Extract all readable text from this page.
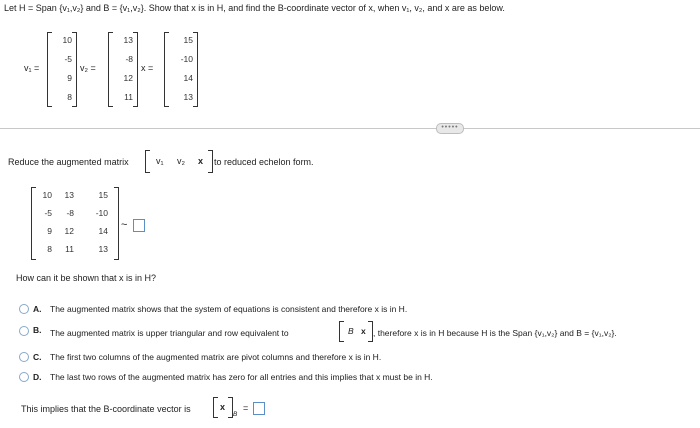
Let H = Span {v₁,v₂} and B = {v₁,v₂}. Show that x is in H, and find the B-coordinate vector of x, when v₁, v₂, and x are as below.
v₁ =
10
-5
9
8
v₂ =
13
-8
12
11
x =
15
-10
14
13
•••••
Reduce the augmented matrix	v₁ v₂ x to reduced echelon form.
10	13	15
-5	-8	-10
9	12	14
8	11	13
~
How can it be shown that x is in H?
A. The augmented matrix shows that the system of equations is consistent and therefore x is in H.
B. The augmented matrix is upper triangular and row equivalent to	B x , therefore x is in H because H is the Span {v₁,v₂} and B = {v₁,v₂}.
C. The first two columns of the augmented matrix are pivot columns and therefore x is in H.
D. The last two rows of the augmented matrix has zero for all entries and this implies that x must be in H.
This implies that the B-coordinate vector is	x
B
=
